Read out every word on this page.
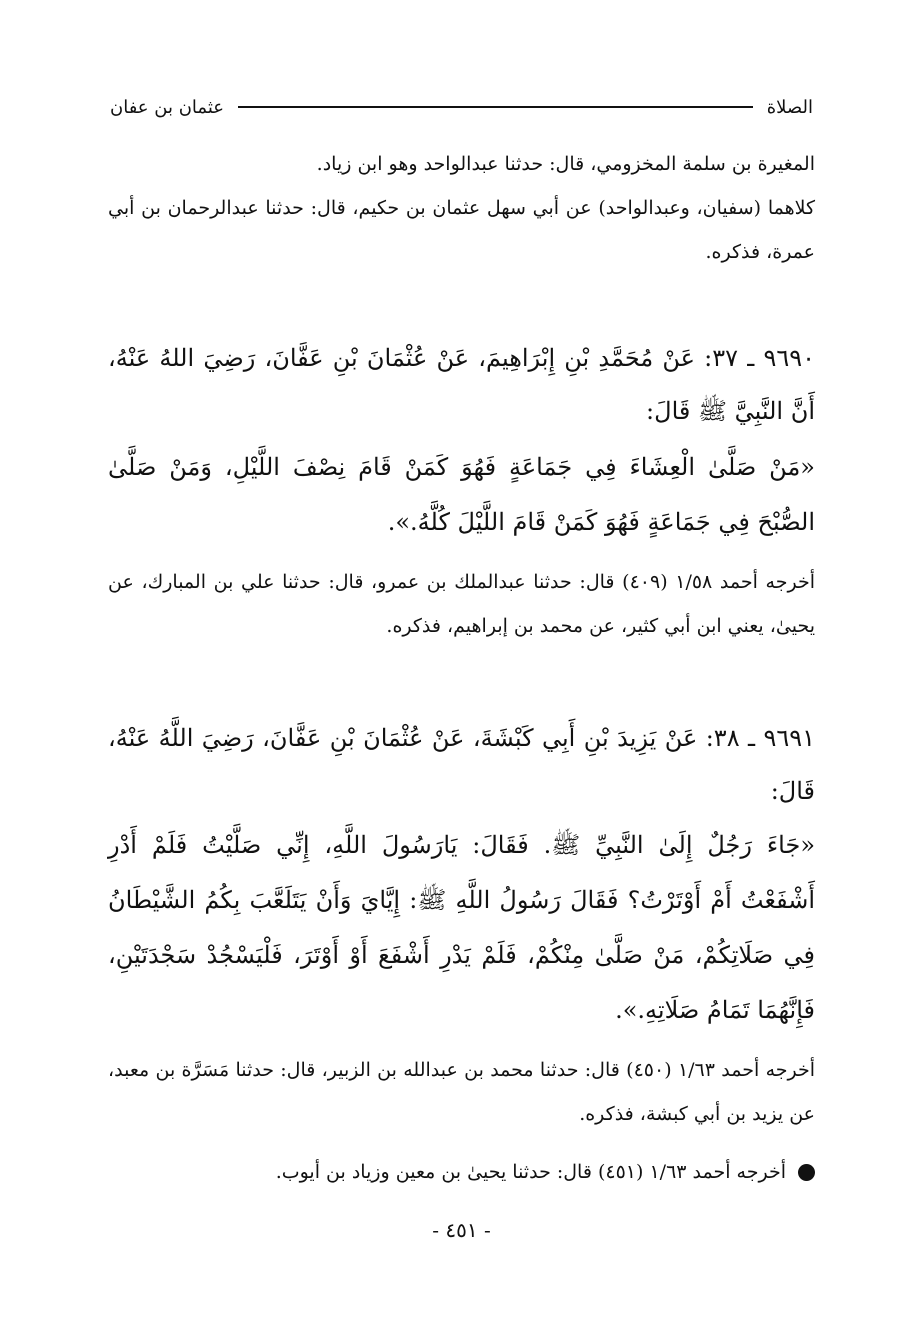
الصلاة
عثمان بن عفان

المغيرة بن سلمة المخزومي، قال: حدثنا عبدالواحد وهو ابن زياد.

كلاهما (سفيان، وعبدالواحد) عن أبي سهل عثمان بن حكيم، قال: حدثنا عبدالرحمان بن أبي عمرة، فذكره.

٩٦٩٠ ـ ٣٧: عَنْ مُحَمَّدِ بْنِ إِبْرَاهِيمَ، عَنْ عُثْمَانَ بْنِ عَفَّانَ، رَضِيَ اللهُ عَنْهُ، أَنَّ النَّبِيَّ ﷺ قَالَ:

«مَنْ صَلَّىٰ الْعِشَاءَ فِي جَمَاعَةٍ فَهُوَ كَمَنْ قَامَ نِصْفَ اللَّيْلِ، وَمَنْ صَلَّىٰ الصُّبْحَ فِي جَمَاعَةٍ فَهُوَ كَمَنْ قَامَ اللَّيْلَ كُلَّهُ.».

أخرجه أحمد ١/٥٨ (٤٠٩) قال: حدثنا عبدالملك بن عمرو، قال: حدثنا علي بن المبارك، عن يحيىٰ، يعني ابن أبي كثير، عن محمد بن إبراهيم، فذكره.

٩٦٩١ ـ ٣٨: عَنْ يَزِيدَ بْنِ أَبِي كَبْشَةَ، عَنْ عُثْمَانَ بْنِ عَفَّانَ، رَضِيَ اللَّهُ عَنْهُ، قَالَ:

«جَاءَ رَجُلٌ إِلَىٰ النَّبِيِّ ﷺ. فَقَالَ: يَارَسُولَ اللَّهِ، إِنِّي صَلَّيْتُ فَلَمْ أَدْرِ أَشْفَعْتُ أَمْ أَوْتَرْتُ؟ فَقَالَ رَسُولُ اللَّهِ ﷺ: إِيَّايَ وَأَنْ يَتَلَعَّبَ بِكُمُ الشَّيْطَانُ فِي صَلَاتِكُمْ، مَنْ صَلَّىٰ مِنْكُمْ، فَلَمْ يَدْرِ أَشْفَعَ أَوْ أَوْتَرَ، فَلْيَسْجُدْ سَجْدَتَيْنِ، فَإِنَّهُمَا تَمَامُ صَلَاتِهِ.».

أخرجه أحمد ١/٦٣ (٤٥٠) قال: حدثنا محمد بن عبدالله بن الزبير، قال: حدثنا مَسَرَّة بن معبد، عن يزيد بن أبي كبشة، فذكره.

أخرجه أحمد ١/٦٣ (٤٥١) قال: حدثنا يحيىٰ بن معين وزياد بن أيوب.
- ٤٥١ -
